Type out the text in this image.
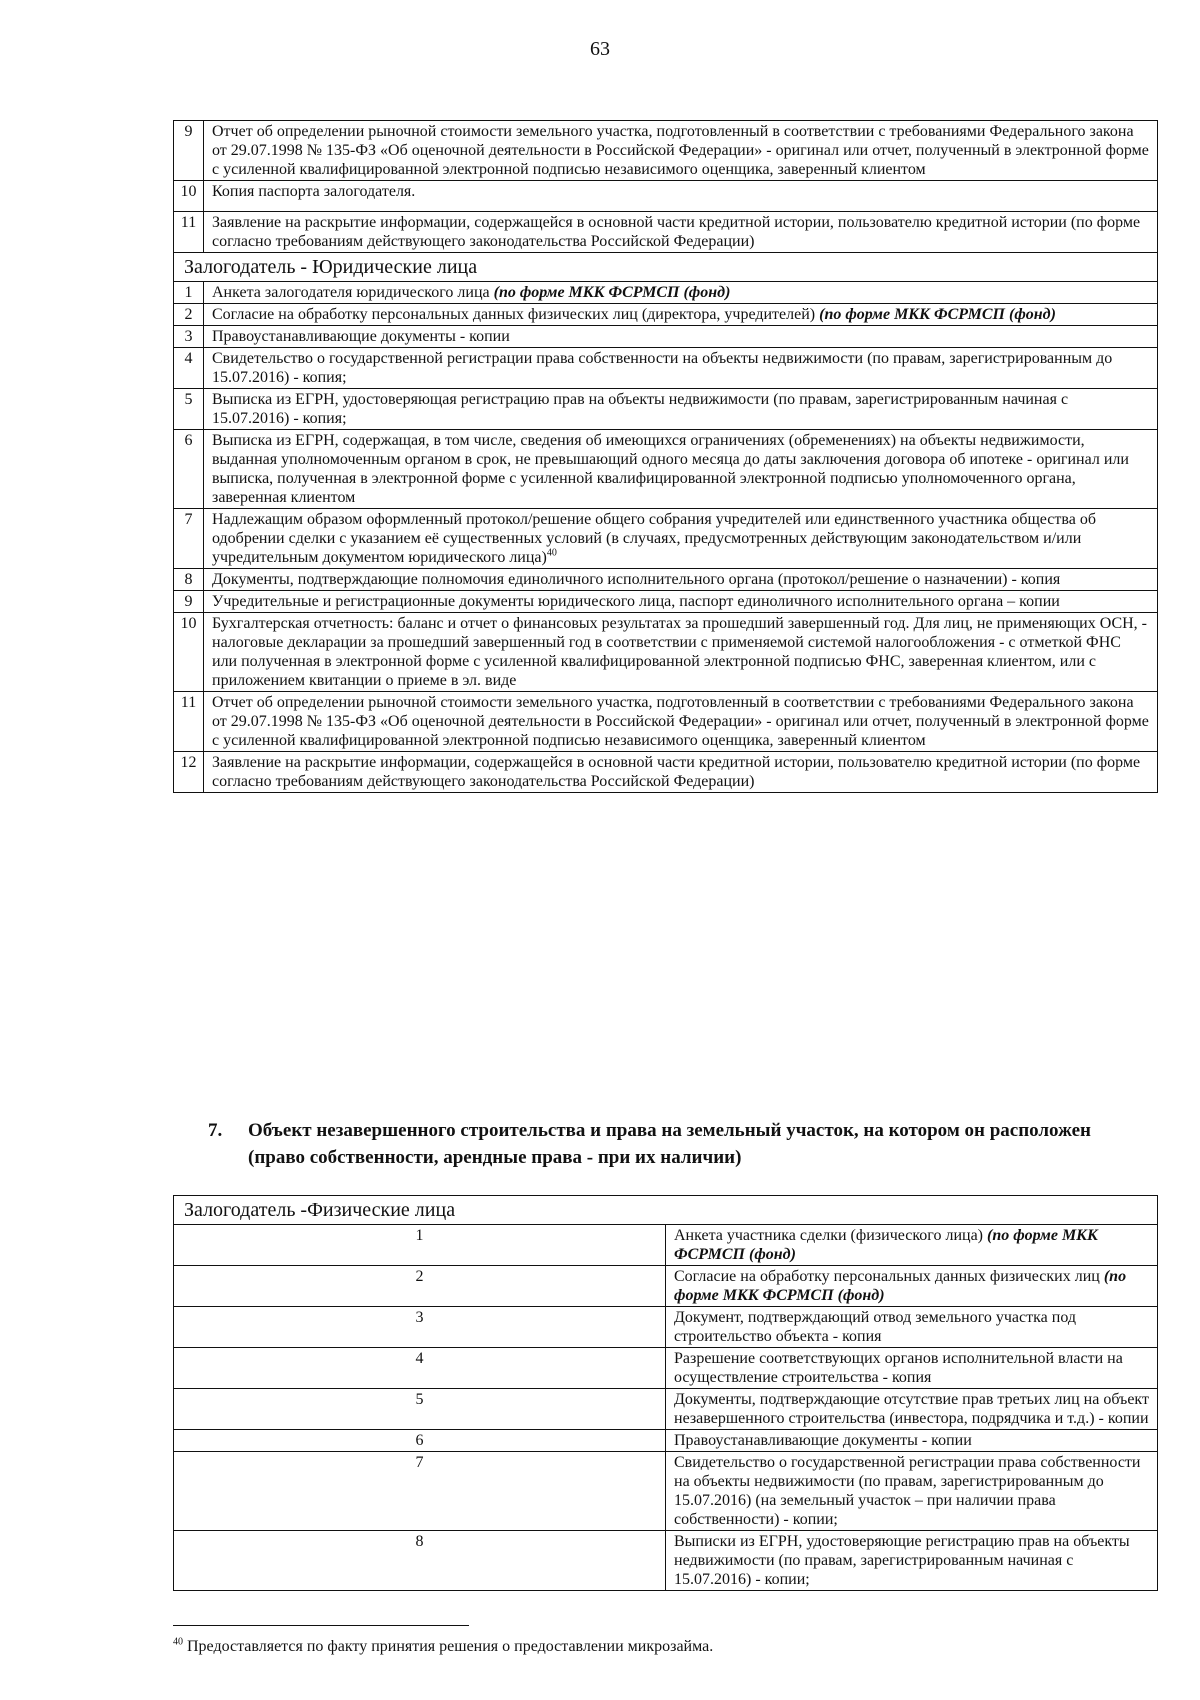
63
9	Отчет об определении рыночной стоимости земельного участка, подготовленный в соответствии с требованиями Федерального закона от 29.07.1998 № 135-ФЗ «Об оценочной деятельности в Российской Федерации» - оригинал или отчет, полученный в электронной форме с усиленной квалифицированной электронной подписью независимого оценщика, заверенный клиентом
10	Копия паспорта залогодателя.
11	Заявление на раскрытие информации, содержащейся в основной части кредитной истории, пользователю кредитной истории (по форме согласно требованиям действующего законодательства Российской Федерации)
Залогодатель - Юридические лица	
1	Анкета залогодателя юридического лица (по форме МКК ФСРМСП (фонд)
2	Согласие на обработку персональных данных физических лиц (директора, учредителей) (по форме МКК ФСРМСП (фонд)
3	Правоустанавливающие документы - копии
4	Свидетельство о государственной регистрации права собственности на объекты недвижимости (по правам, зарегистрированным до 15.07.2016) - копия;
5	Выписка из ЕГРН, удостоверяющая регистрацию прав на объекты недвижимости (по правам, зарегистрированным начиная с 15.07.2016) - копия;
6	Выписка из ЕГРН, содержащая, в том числе, сведения об имеющихся ограничениях (обременениях) на объекты недвижимости, выданная уполномоченным органом в срок, не превышающий одного месяца до даты заключения договора об ипотеке - оригинал или выписка, полученная в электронной форме с усиленной квалифицированной электронной подписью уполномоченного органа, заверенная клиентом
7	Надлежащим образом оформленный протокол/решение общего собрания учредителей или единственного участника общества об одобрении сделки с указанием её существенных условий (в случаях, предусмотренных действующим законодательством и/или учредительным документом юридического лица)$^{40}$
8	Документы, подтверждающие полномочия единоличного исполнительного органа (протокол/решение о назначении) - копия
9	Учредительные и регистрационные документы юридического лица, паспорт единоличного исполнительного органа – копии
10	Бухгалтерская отчетность: баланс и отчет о финансовых результатах за прошедший завершенный год. Для лиц, не применяющих ОСН, - налоговые декларации за прошедший завершенный год в соответствии с применяемой системой налогообложения - с отметкой ФНС или полученная в электронной форме с усиленной квалифицированной электронной подписью ФНС, заверенная клиентом, или с приложением квитанции о приеме в эл. виде
11	Отчет об определении рыночной стоимости земельного участка, подготовленный в соответствии с требованиями Федерального закона от 29.07.1998 № 135-ФЗ «Об оценочной деятельности в Российской Федерации» - оригинал или отчет, полученный в электронной форме с усиленной квалифицированной электронной подписью независимого оценщика, заверенный клиентом
12	Заявление на раскрытие информации, содержащейся в основной части кредитной истории, пользователю кредитной истории (по форме согласно требованиям действующего законодательства Российской Федерации)
7. Объект незавершенного строительства и права на земельный участок, на котором он расположен (право собственности, арендные права - при их наличии)
Залогодатель -Физические лица	
1	Анкета участника сделки (физического лица) (по форме МКК ФСРМСП (фонд)
2	Согласие на обработку персональных данных физических лиц (по форме МКК ФСРМСП (фонд)
3	Документ, подтверждающий отвод земельного участка под строительство объекта - копия
4	Разрешение соответствующих органов исполнительной власти на осуществление строительства - копия
5	Документы, подтверждающие отсутствие прав третьих лиц на объект незавершенного строительства (инвестора, подрядчика и т.д.) - копии
6	Правоустанавливающие документы - копии
7	Свидетельство о государственной регистрации права собственности на объекты недвижимости (по правам, зарегистрированным до 15.07.2016) (на земельный участок – при наличии права собственности) - копии;
8	Выписки из ЕГРН, удостоверяющие регистрацию прав на объекты недвижимости (по правам, зарегистрированным начиная с 15.07.2016) - копии;
$^{40}$ Предоставляется по факту принятия решения о предоставлении микрозайма.
